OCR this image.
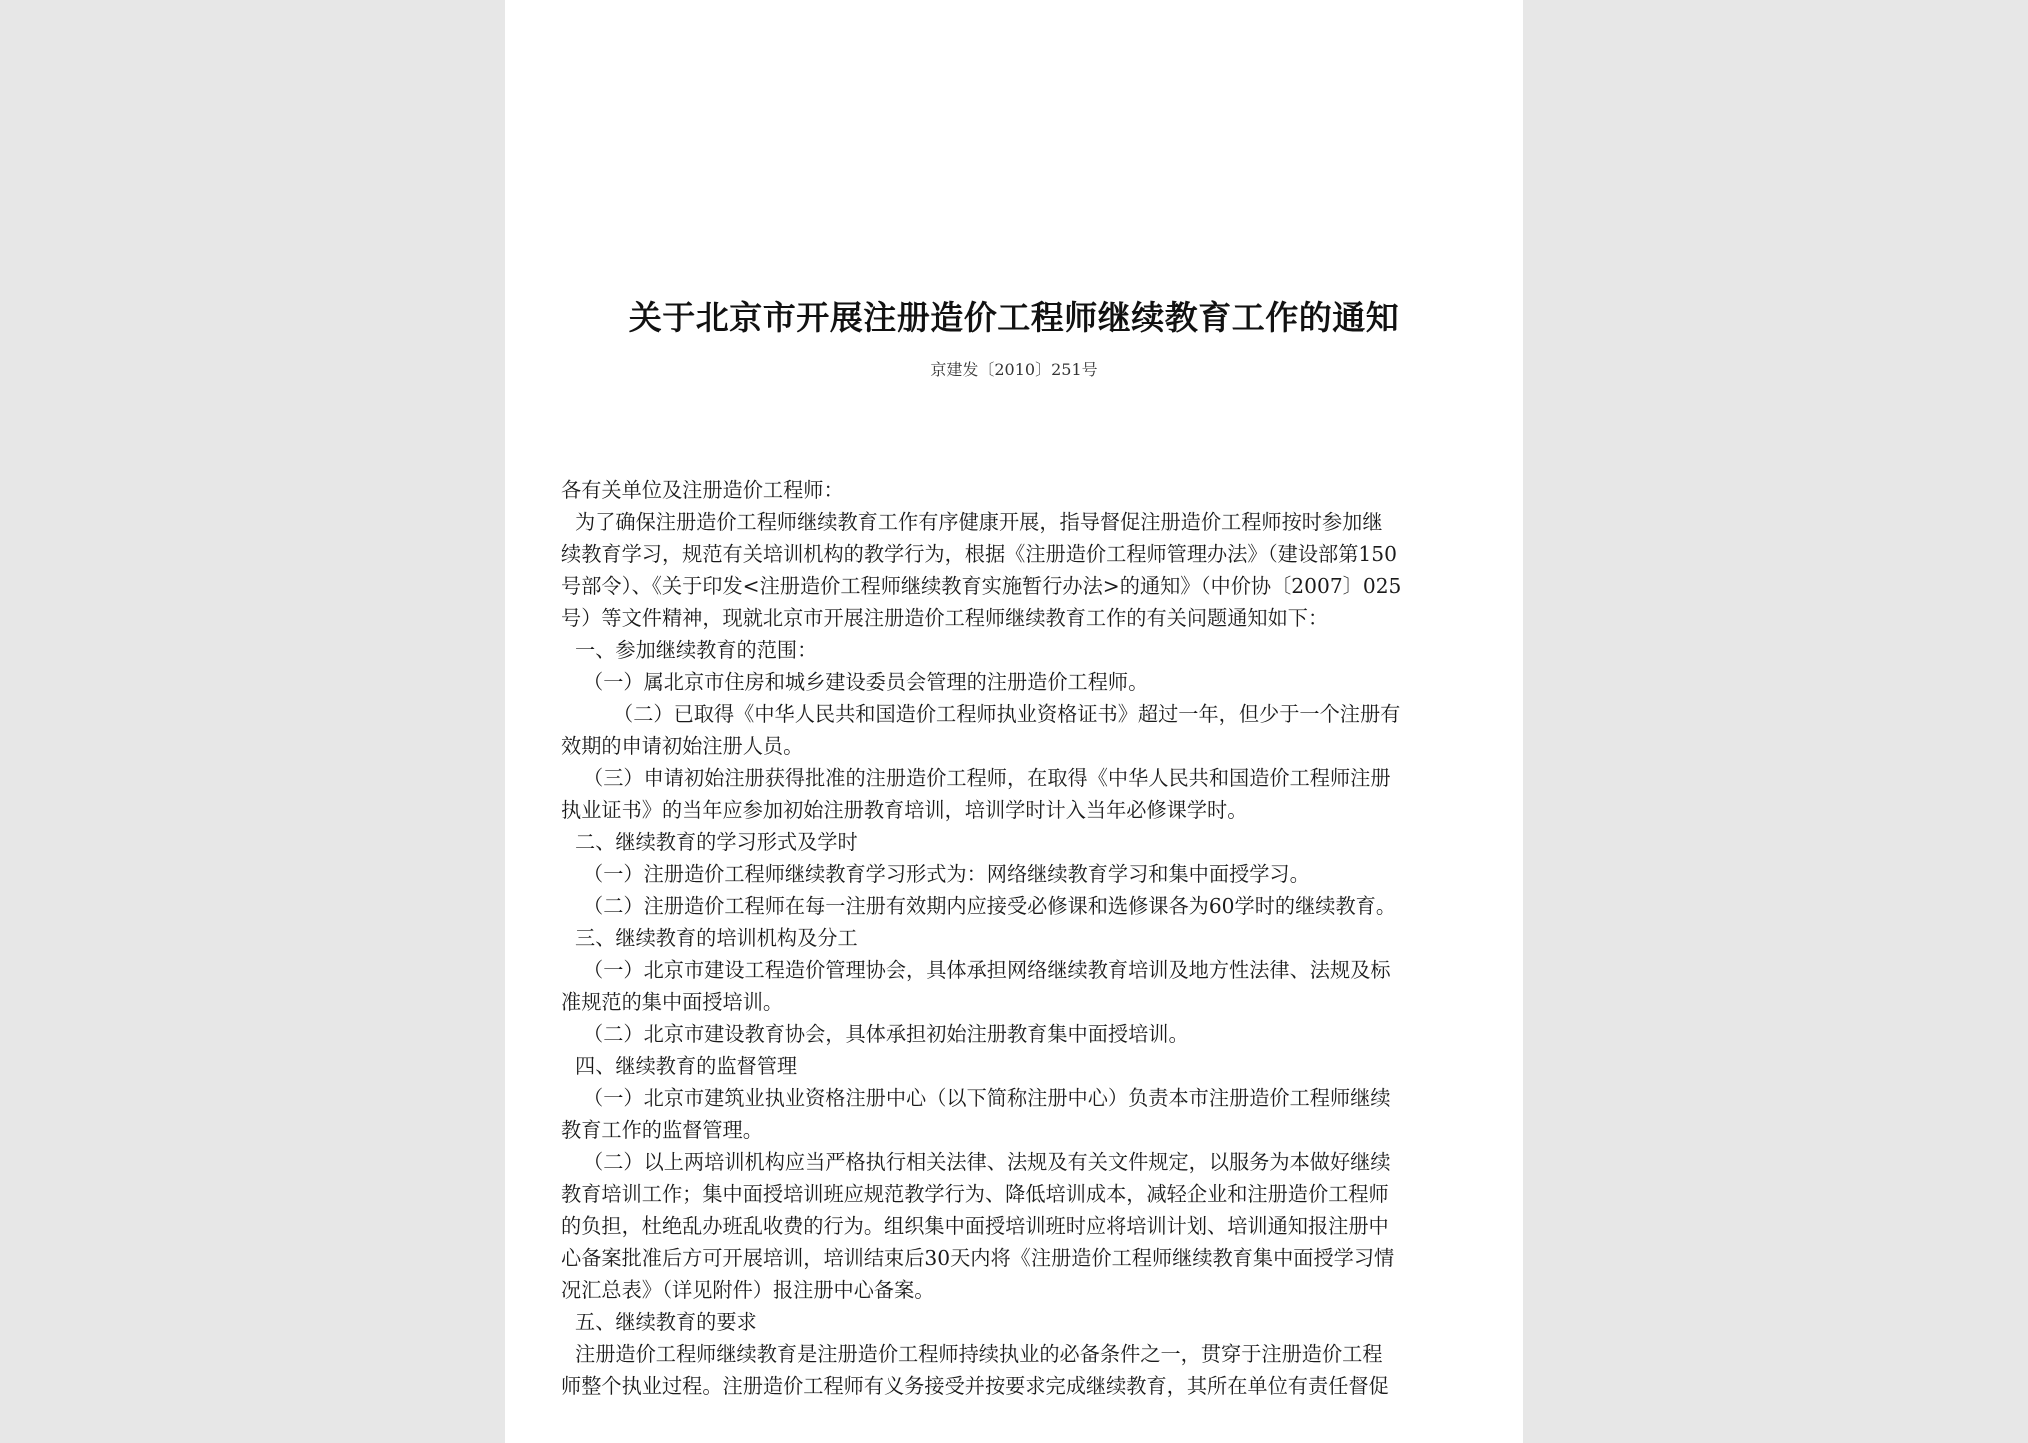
关于北京市开展注册造价工程师继续教育工作的通知
京建发〔2010〕251号
各有关单位及注册造价工程师：
为了确保注册造价工程师继续教育工作有序健康开展，指导督促注册造价工程师按时参加继
续教育学习，规范有关培训机构的教学行为，根据《注册造价工程师管理办法》（建设部第150
号部令）、《关于印发<注册造价工程师继续教育实施暂行办法>的通知》（中价协〔2007〕025
号）等文件精神，现就北京市开展注册造价工程师继续教育工作的有关问题通知如下：
一、参加继续教育的范围：
（一）属北京市住房和城乡建设委员会管理的注册造价工程师。
（二）已取得《中华人民共和国造价工程师执业资格证书》超过一年，但少于一个注册有
效期的申请初始注册人员。
（三）申请初始注册获得批准的注册造价工程师，在取得《中华人民共和国造价工程师注册
执业证书》的当年应参加初始注册教育培训，培训学时计入当年必修课学时。
二、继续教育的学习形式及学时
（一）注册造价工程师继续教育学习形式为：网络继续教育学习和集中面授学习。
（二）注册造价工程师在每一注册有效期内应接受必修课和选修课各为60学时的继续教育。
三、继续教育的培训机构及分工
（一）北京市建设工程造价管理协会，具体承担网络继续教育培训及地方性法律、法规及标
准规范的集中面授培训。
（二）北京市建设教育协会，具体承担初始注册教育集中面授培训。
四、继续教育的监督管理
（一）北京市建筑业执业资格注册中心（以下简称注册中心）负责本市注册造价工程师继续
教育工作的监督管理。
（二）以上两培训机构应当严格执行相关法律、法规及有关文件规定，以服务为本做好继续
教育培训工作；集中面授培训班应规范教学行为、降低培训成本，减轻企业和注册造价工程师
的负担，杜绝乱办班乱收费的行为。组织集中面授培训班时应将培训计划、培训通知报注册中
心备案批准后方可开展培训，培训结束后30天内将《注册造价工程师继续教育集中面授学习情
况汇总表》（详见附件）报注册中心备案。
五、继续教育的要求
注册造价工程师继续教育是注册造价工程师持续执业的必备条件之一，贯穿于注册造价工程
师整个执业过程。注册造价工程师有义务接受并按要求完成继续教育，其所在单位有责任督促
